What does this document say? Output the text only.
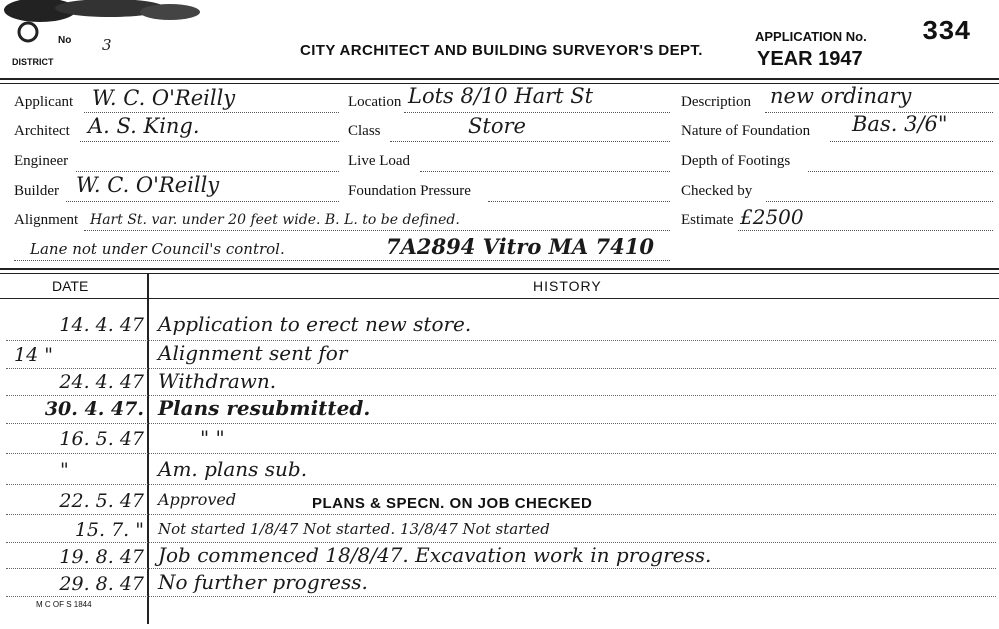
No 3
DISTRICT
CITY ARCHITECT AND BUILDING SURVEYOR'S DEPT.
APPLICATION No. 334
YEAR 1947
Applicant W. C. O'Reilly	Location Lots 8/10 Hart St	Description new ordinary
Architect A. S. King.	Class	Store	Nature of Foundation Bas. 3/6"
Engineer	Live Load	Depth of Footings
Builder W. C. O'Reilly	Foundation Pressure	Checked by
Alignment Hart St. var. under 20 feet wide. B. L. to be defined.	Estimate £2500
Lane not under Council's control.	7A2894 Vitro MA 7410
DATE	HISTORY
14. 4. 47 Application to erect new store.
14 "	Alignment sent for
24. 4. 47 Withdrawn.
30. 4. 47. Plans resubmitted.
16. 5. 47	" "
"	Am. plans sub.
22. 5. 47 Approved	PLANS & SPECN. ON JOB CHECKED
15. 7. " Not started 1/8/47 Not started. 13/8/47 Not started
19. 8. 47 Job commenced 18/8/47. Excavation work in progress.
29. 8. 47 No further progress.
M C OF S 1844
